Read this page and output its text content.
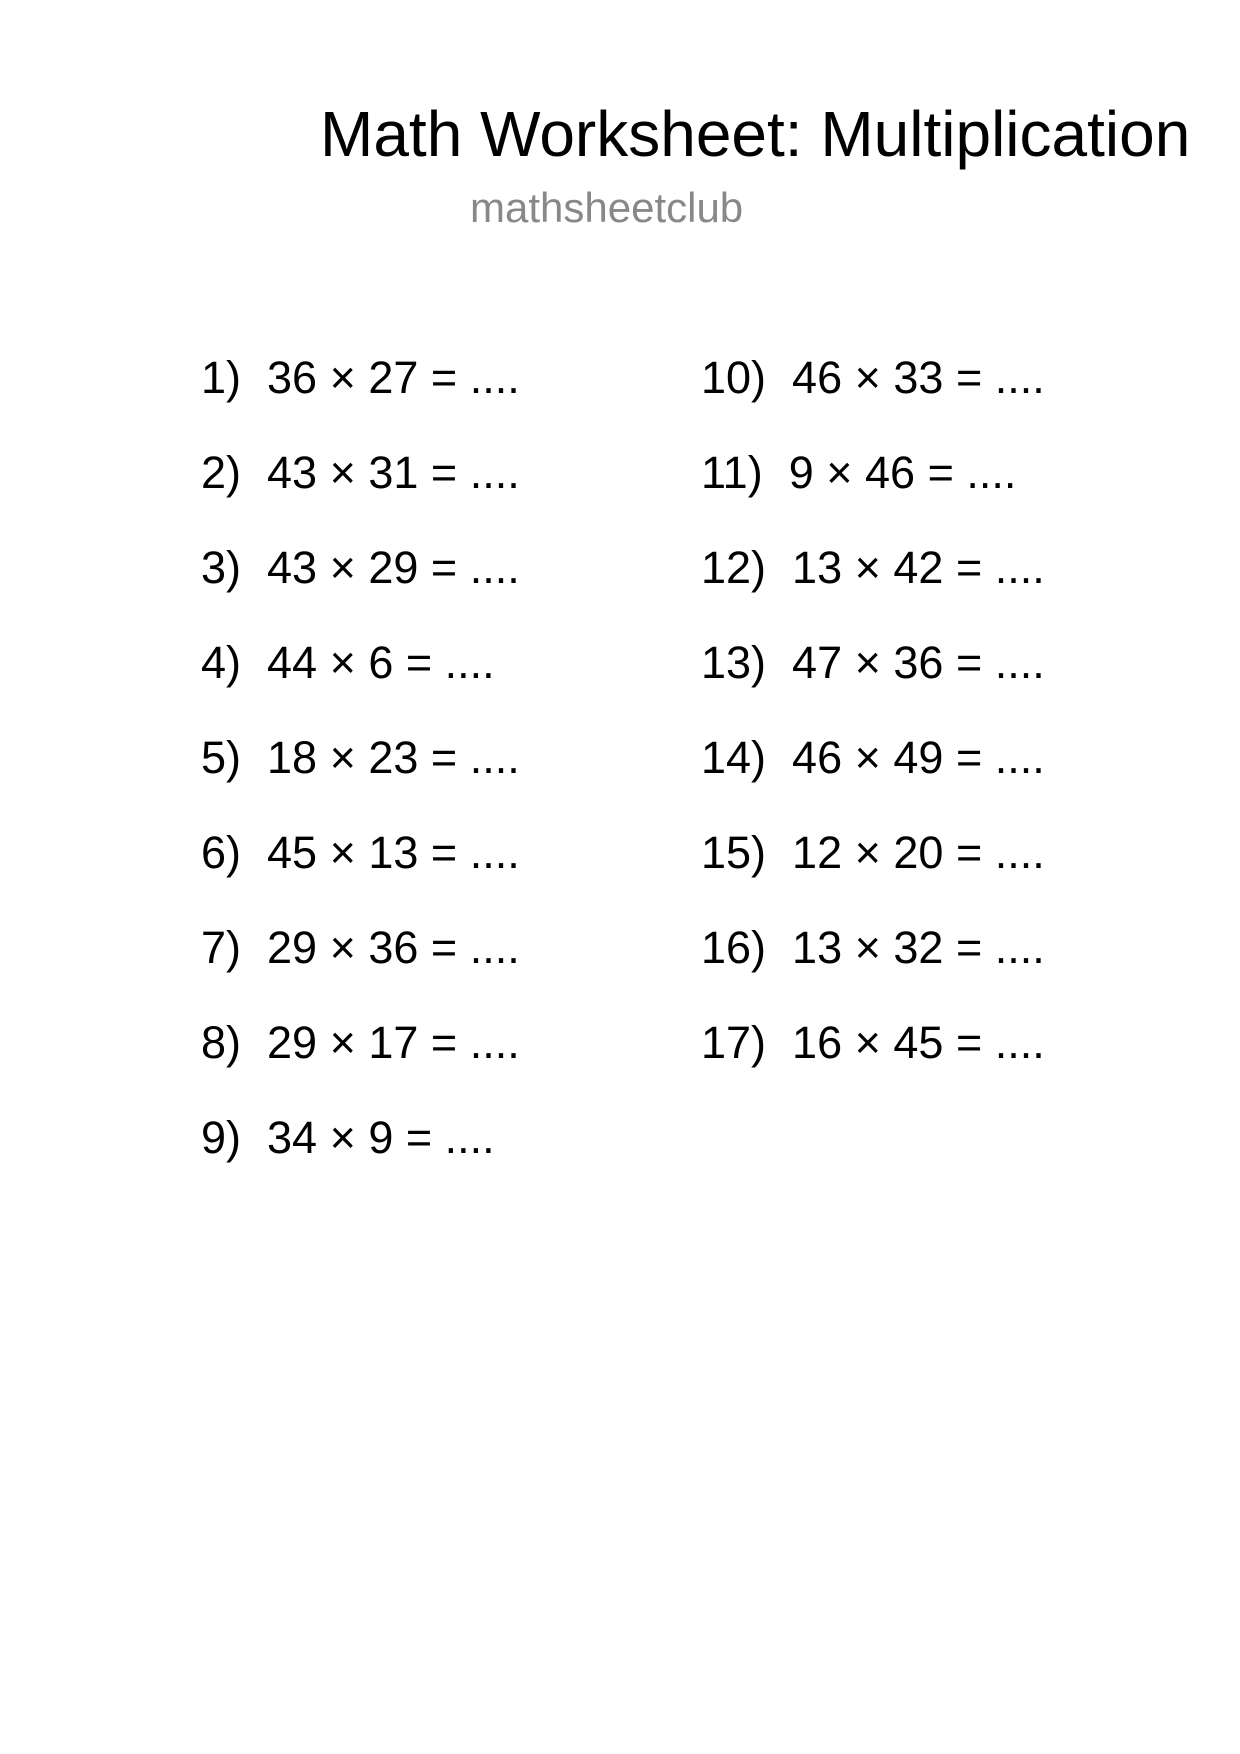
Math Worksheet: Multiplication
mathsheetclub
1) 36 × 27 = ....
2) 43 × 31 = ....
3) 43 × 29 = ....
4) 44 × 6 = ....
5) 18 × 23 = ....
6) 45 × 13 = ....
7) 29 × 36 = ....
8) 29 × 17 = ....
9) 34 × 9 = ....
10) 46 × 33 = ....
11) 9 × 46 = ....
12) 13 × 42 = ....
13) 47 × 36 = ....
14) 46 × 49 = ....
15) 12 × 20 = ....
16) 13 × 32 = ....
17) 16 × 45 = ....
